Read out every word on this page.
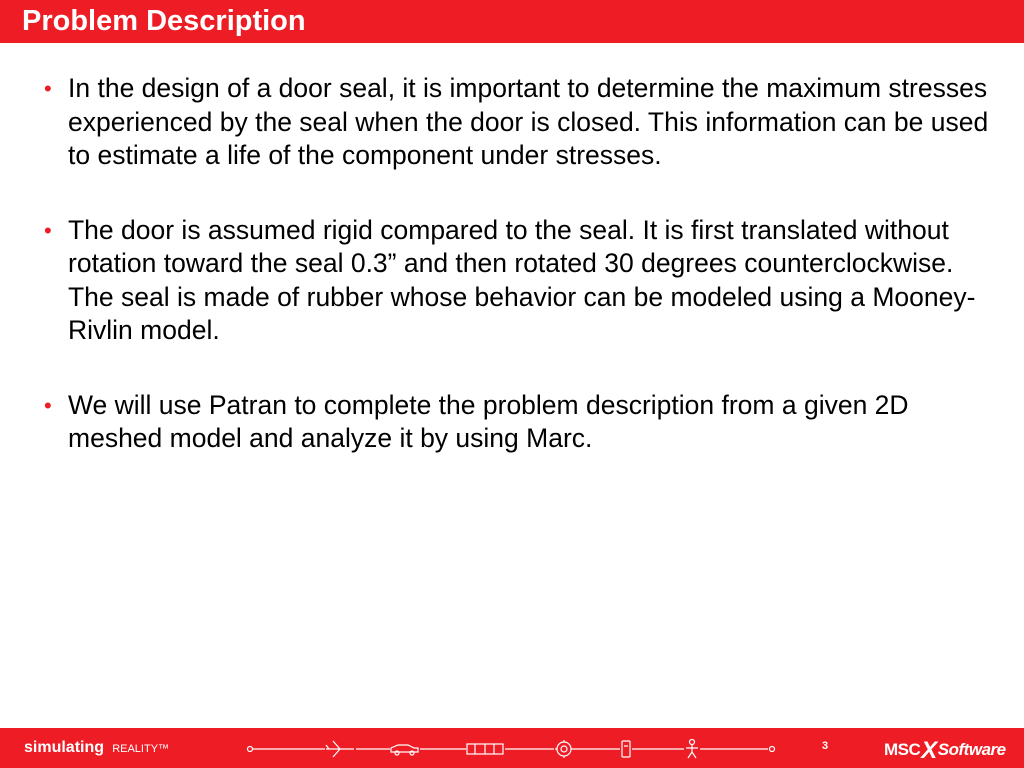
Problem Description
• In the design of a door seal, it is important to determine the maximum stresses experienced by the seal when the door is closed. This information can be used to estimate a life of the component under stresses.
• The door is assumed rigid compared to the seal. It is first translated without rotation toward the seal 0.3” and then rotated 30 degrees counterclockwise. The seal is made of rubber whose behavior can be modeled using a Mooney-Rivlin model.
• We will use Patran to complete the problem description from a given 2D meshed model and analyze it by using Marc.
simulating REALITY™	3	MSCXSoftware
